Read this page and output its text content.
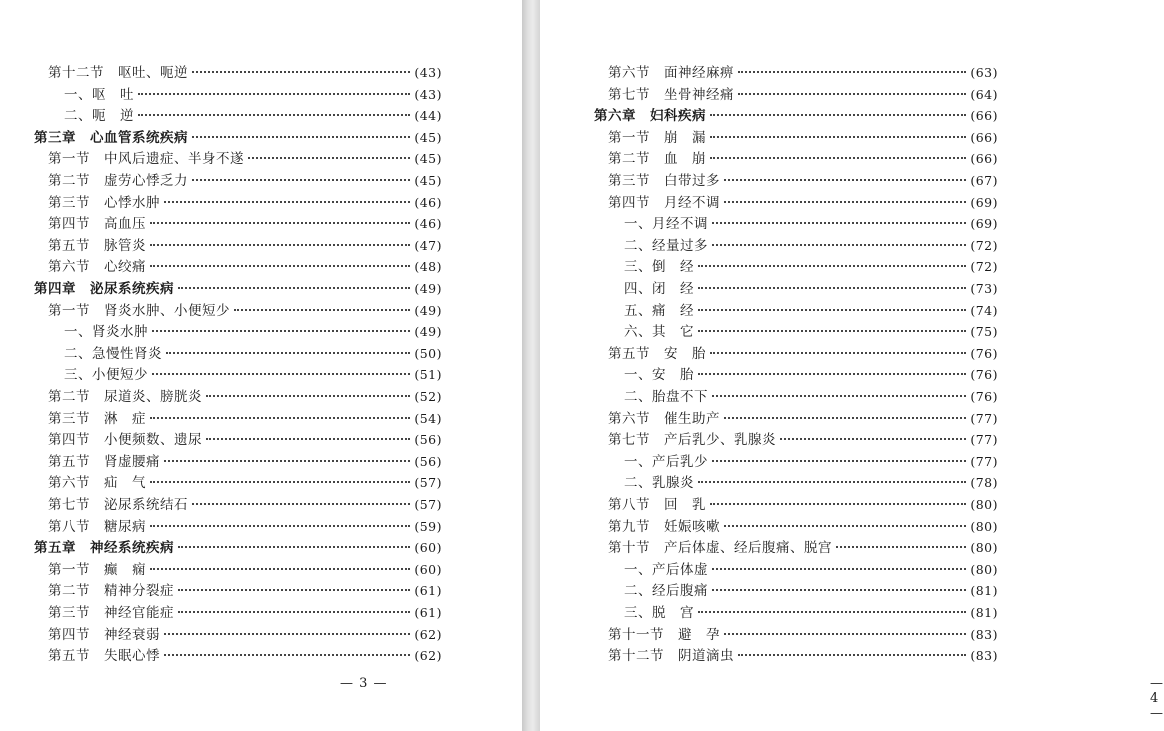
第十二节　呕吐、呃逆	(43)
一、呕　吐	(43)
二、呃　逆	(44)
第三章　心血管系统疾病	(45)
第一节　中风后遗症、半身不遂	(45)
第二节　虚劳心悸乏力	(45)
第三节　心悸水肿	(46)
第四节　高血压	(46)
第五节　脉管炎	(47)
第六节　心绞痛	(48)
第四章　泌尿系统疾病	(49)
第一节　肾炎水肿、小便短少	(49)
一、肾炎水肿	(49)
二、急慢性肾炎	(50)
三、小便短少	(51)
第二节　尿道炎、膀胱炎	(52)
第三节　淋　症	(54)
第四节　小便频数、遗尿	(56)
第五节　肾虚腰痛	(56)
第六节　疝　气	(57)
第七节　泌尿系统结石	(57)
第八节　糖尿病	(59)
第五章　神经系统疾病	(60)
第一节　癫　痫	(60)
第二节　精神分裂症	(61)
第三节　神经官能症	(61)
第四节　神经衰弱	(62)
第五节　失眠心悸	(62)
— 3 —
第六节　面神经麻痹	(63)
第七节　坐骨神经痛	(64)
第六章　妇科疾病	(66)
第一节　崩　漏	(66)
第二节　血　崩	(66)
第三节　白带过多	(67)
第四节　月经不调	(69)
一、月经不调	(69)
二、经量过多	(72)
三、倒　经	(72)
四、闭　经	(73)
五、痛　经	(74)
六、其　它	(75)
第五节　安　胎	(76)
一、安　胎	(76)
二、胎盘不下	(76)
第六节　催生助产	(77)
第七节　产后乳少、乳腺炎	(77)
一、产后乳少	(77)
二、乳腺炎	(78)
第八节　回　乳	(80)
第九节　妊娠咳嗽	(80)
第十节　产后体虚、经后腹痛、脱宫	(80)
一、产后体虚	(80)
二、经后腹痛	(81)
三、脱　宫	(81)
第十一节　避　孕	(83)
第十二节　阴道滴虫	(83)
— 4 —
